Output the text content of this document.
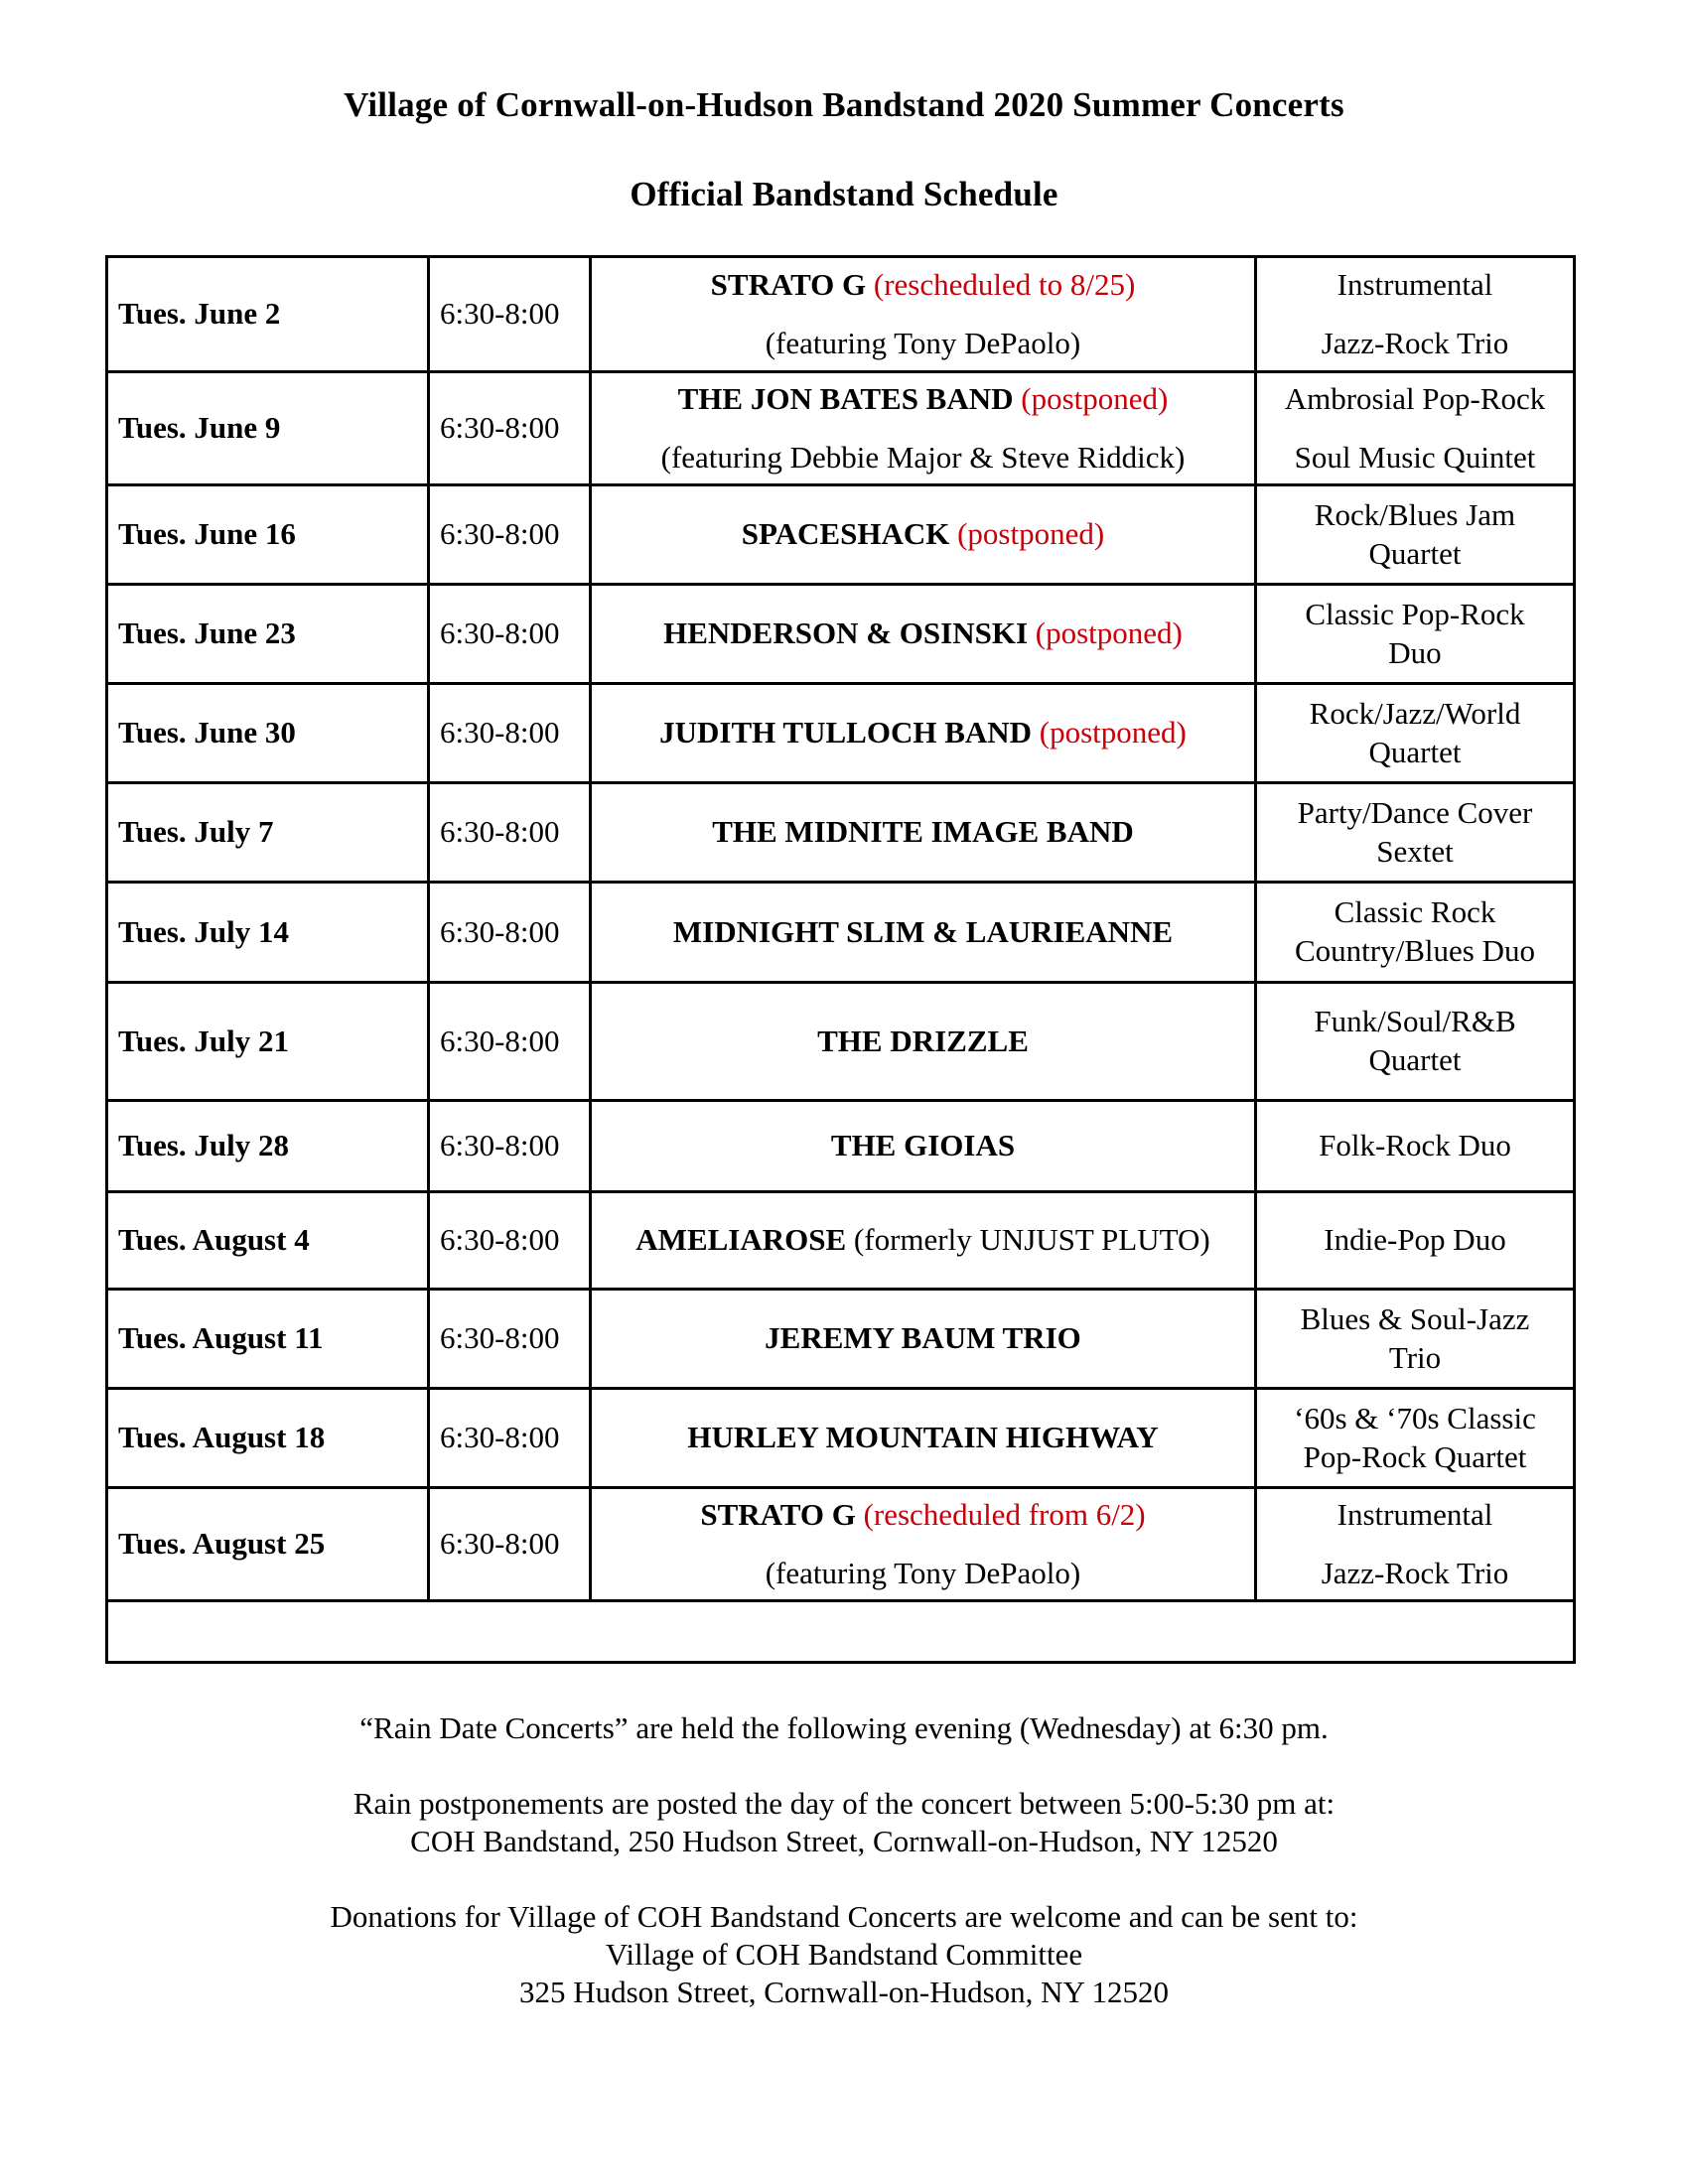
Village of Cornwall-on-Hudson Bandstand 2020 Summer Concerts
Official Bandstand Schedule
Tues. June 2	6:30-8:00	STRATO G (rescheduled to 8/25)
(featuring Tony DePaolo)	Instrumental
Jazz-Rock Trio

Tues. June 9	6:30-8:00	THE JON BATES BAND (postponed)
(featuring Debbie Major & Steve Riddick)	Ambrosial Pop-Rock
Soul Music Quintet

Tues. June 16	6:30-8:00	SPACESHACK (postponed)	Rock/Blues Jam
Quartet

Tues. June 23	6:30-8:00	HENDERSON & OSINSKI (postponed)	Classic Pop-Rock
Duo

Tues. June 30	6:30-8:00	JUDITH TULLOCH BAND (postponed)	Rock/Jazz/World
Quartet

Tues. July 7	6:30-8:00	THE MIDNITE IMAGE BAND	Party/Dance Cover
Sextet

Tues. July 14	6:30-8:00	MIDNIGHT SLIM & LAURIEANNE	Classic Rock
Country/Blues Duo

Tues. July 21	6:30-8:00	THE DRIZZLE	Funk/Soul/R&B
Quartet

Tues. July 28	6:30-8:00	THE GIOIAS	Folk-Rock Duo

Tues. August 4	6:30-8:00	AMELIAROSE (formerly UNJUST PLUTO)	Indie-Pop Duo

Tues. August 11	6:30-8:00	JEREMY BAUM TRIO	Blues & Soul-Jazz
Trio

Tues. August 18	6:30-8:00	HURLEY MOUNTAIN HIGHWAY	‘60s & ‘70s Classic
Pop-Rock Quartet

Tues. August 25	6:30-8:00	STRATO G (rescheduled from 6/2)
(featuring Tony DePaolo)	Instrumental
Jazz-Rock Trio

“Rain Date Concerts” are held the following evening (Wednesday) at 6:30 pm.

Rain postponements are posted the day of the concert between 5:00-5:30 pm at:

COH Bandstand, 250 Hudson Street, Cornwall-on-Hudson, NY 12520

Donations for Village of COH Bandstand Concerts are welcome and can be sent to:

Village of COH Bandstand Committee

325 Hudson Street, Cornwall-on-Hudson, NY 12520
